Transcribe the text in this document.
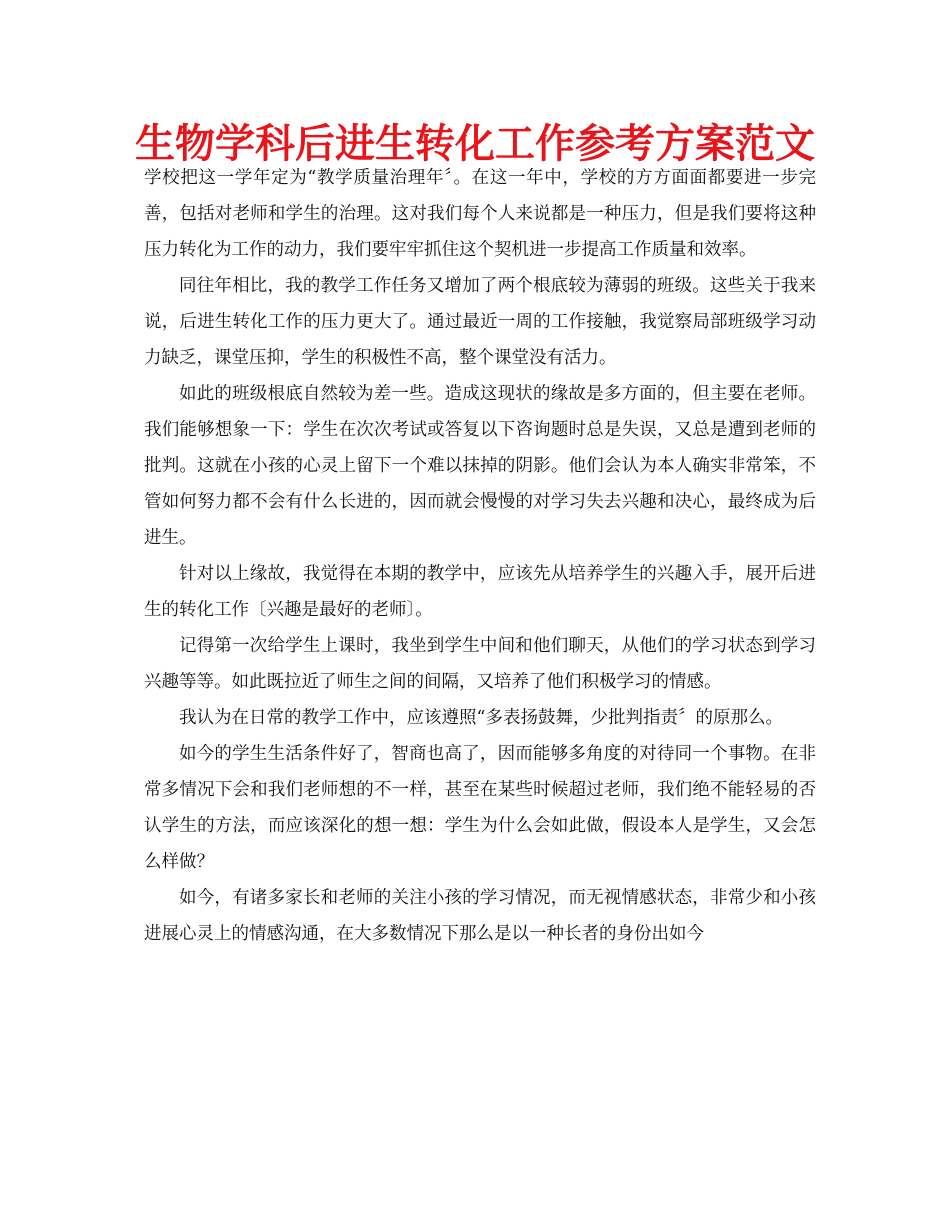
生物学科后进生转化工作参考方案范文

学校把这一学年定为“教学质量治理年〞。在这一年中，学校的方方面面都要进一步完善，包括对老师和学生的治理。这对我们每个人来说都是一种压力，但是我们要将这种压力转化为工作的动力，我们要牢牢抓住这个契机进一步提高工作质量和效率。

同往年相比，我的教学工作任务又增加了两个根底较为薄弱的班级。这些关于我来说，后进生转化工作的压力更大了。通过最近一周的工作接触，我觉察局部班级学习动力缺乏，课堂压抑，学生的积极性不高，整个课堂没有活力。

如此的班级根底自然较为差一些。造成这现状的缘故是多方面的，但主要在老师。我们能够想象一下：学生在次次考试或答复以下咨询题时总是失误，又总是遭到老师的批判。这就在小孩的心灵上留下一个难以抹掉的阴影。他们会认为本人确实非常笨，不管如何努力都不会有什么长进的，因而就会慢慢的对学习失去兴趣和决心，最终成为后进生。

针对以上缘故，我觉得在本期的教学中，应该先从培养学生的兴趣入手，展开后进生的转化工作〔兴趣是最好的老师〕。

记得第一次给学生上课时，我坐到学生中间和他们聊天，从他们的学习状态到学习兴趣等等。如此既拉近了师生之间的间隔，又培养了他们积极学习的情感。

我认为在日常的教学工作中，应该遵照“多表扬鼓舞，少批判指责〞的原那么。

如今的学生生活条件好了，智商也高了，因而能够多角度的对待同一个事物。在非常多情况下会和我们老师想的不一样，甚至在某些时候超过老师，我们绝不能轻易的否认学生的方法，而应该深化的想一想：学生为什么会如此做，假设本人是学生，又会怎么样做？

如今，有诸多家长和老师的关注小孩的学习情况，而无视情感状态，非常少和小孩进展心灵上的情感沟通，在大多数情况下那么是以一种长者的身份出如今
